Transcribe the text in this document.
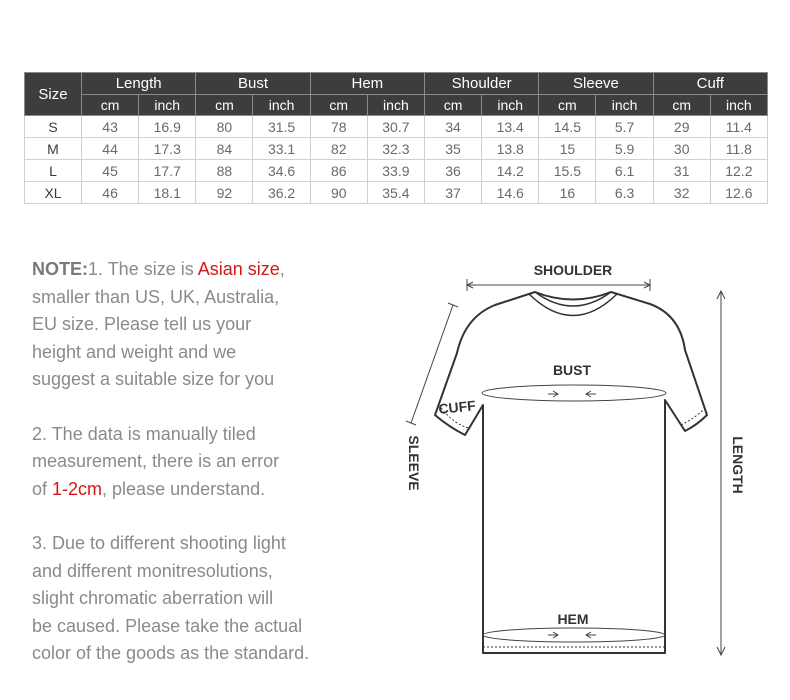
Size	Length		Bust		Hem		Shoulder		Sleeve		Cuff	
	cm	inch	cm	inch	cm	inch	cm	inch	cm	inch	cm	inch
S	43	16.9	80	31.5	78	30.7	34	13.4	14.5	5.7	29	11.4
M	44	17.3	84	33.1	82	32.3	35	13.8	15	5.9	30	11.8
L	45	17.7	88	34.6	86	33.9	36	14.2	15.5	6.1	31	12.2
XL	46	18.1	92	36.2	90	35.4	37	14.6	16	6.3	32	12.6

NOTE:1. The size is Asian size,
smaller than US, UK, Australia,
EU size. Please tell us your
height and weight and we
suggest a suitable size for you

2. The data is manually tiled
measurement, there is an error
of 1-2cm, please understand.

3. Due to different shooting light
and different monitresolutions,
slight chromatic aberration will
be caused. Please take the actual
color of the goods as the standard.

SHOULDER
BUST
CUFF
HEM
SLEEVE	LENGTH
